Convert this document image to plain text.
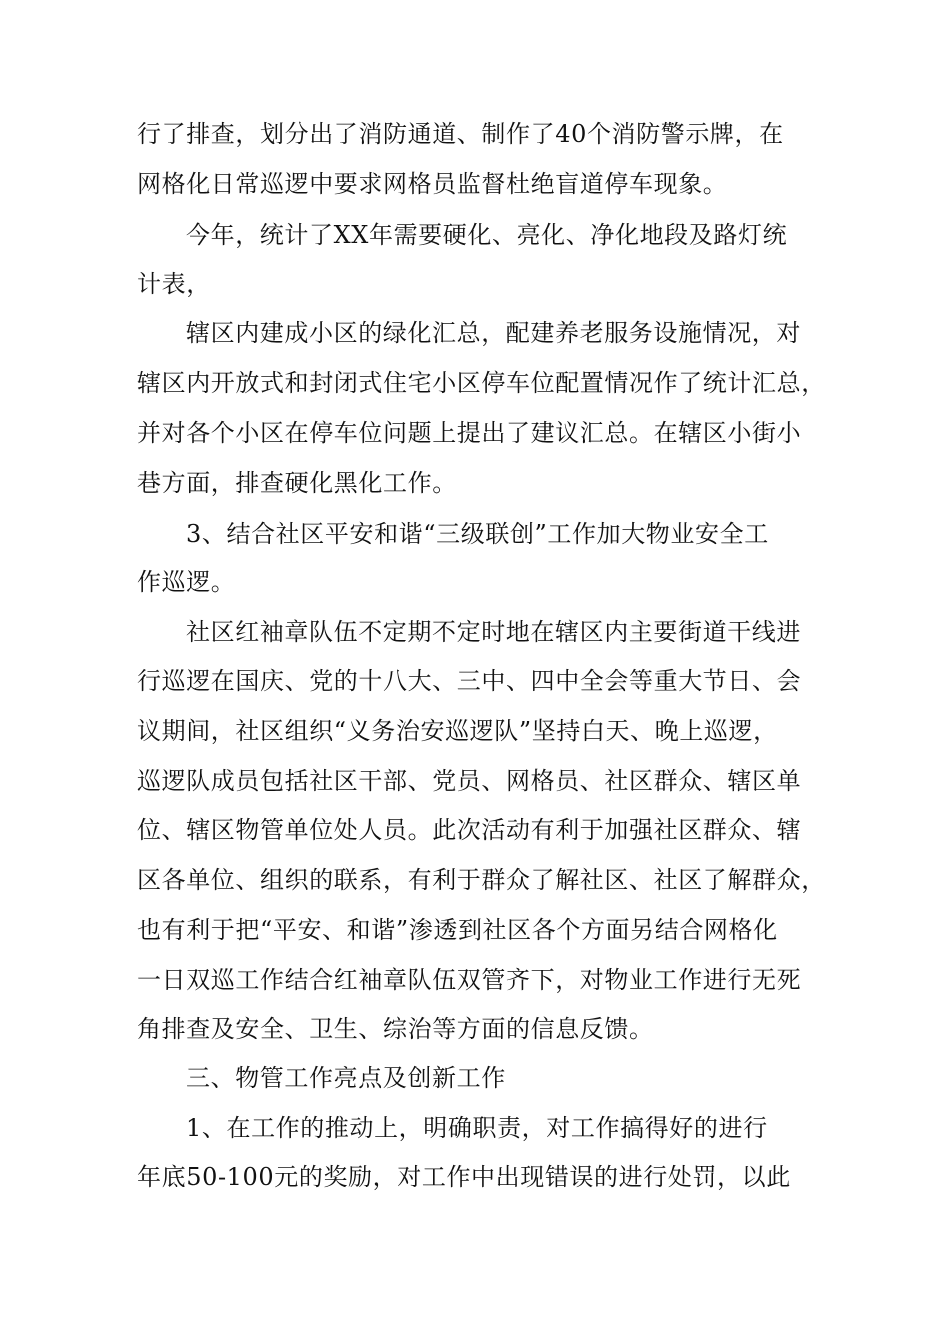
行了排查，划分出了消防通道、制作了40个消防警示牌，在
网格化日常巡逻中要求网格员监督杜绝盲道停车现象。
今年，统计了XX年需要硬化、亮化、净化地段及路灯统
计表，
辖区内建成小区的绿化汇总，配建养老服务设施情况，对
辖区内开放式和封闭式住宅小区停车位配置情况作了统计汇总，
并对各个小区在停车位问题上提出了建议汇总。在辖区小街小
巷方面，排查硬化黑化工作。
3、结合社区平安和谐“三级联创”工作加大物业安全工
作巡逻。
社区红袖章队伍不定期不定时地在辖区内主要街道干线进
行巡逻在国庆、党的十八大、三中、四中全会等重大节日、会
议期间，社区组织“义务治安巡逻队”坚持白天、晚上巡逻，
巡逻队成员包括社区干部、党员、网格员、社区群众、辖区单
位、辖区物管单位处人员。此次活动有利于加强社区群众、辖
区各单位、组织的联系，有利于群众了解社区、社区了解群众，
也有利于把“平安、和谐”渗透到社区各个方面另结合网格化
一日双巡工作结合红袖章队伍双管齐下，对物业工作进行无死
角排查及安全、卫生、综治等方面的信息反馈。
三、物管工作亮点及创新工作
1、在工作的推动上，明确职责，对工作搞得好的进行
年底50-100元的奖励，对工作中出现错误的进行处罚，以此
